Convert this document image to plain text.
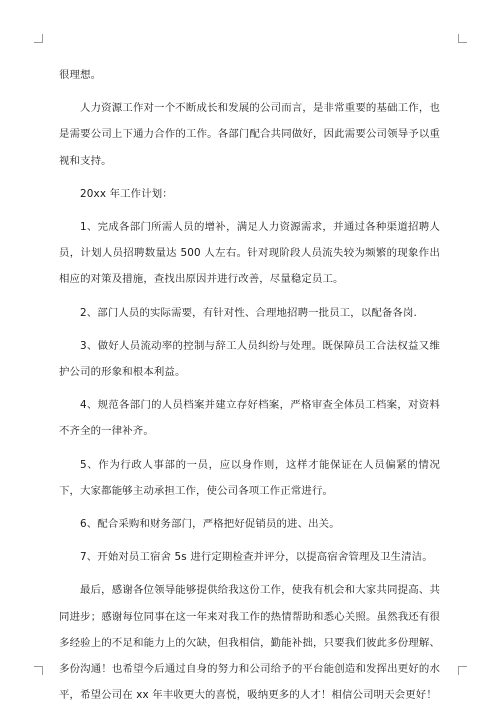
很理想。

人力资源工作对一个不断成长和发展的公司而言，是非常重要的基础工作，也是需要公司上下通力合作的工作。各部门配合共同做好，因此需要公司领导予以重视和支持。

20xx 年工作计划：

1、完成各部门所需人员的增补，满足人力资源需求，并通过各种渠道招聘人员，计划人员招聘数量达 500 人左右。针对现阶段人员流失较为频繁的现象作出相应的对策及措施，查找出原因并进行改善，尽量稳定员工。

2、部门人员的实际需要，有针对性、合理地招聘一批员工，以配备各岗.

3、做好人员流动率的控制与辞工人员纠纷与处理。既保障员工合法权益又维护公司的形象和根本利益。

4、规范各部门的人员档案并建立存好档案，严格审查全体员工档案，对资料不齐全的一律补齐。

5、作为行政人事部的一员，应以身作则，这样才能保证在人员偏紧的情况下，大家都能够主动承担工作，使公司各项工作正常进行。

6、配合采购和财务部门，严格把好促销员的进、出关。

7、开始对员工宿舍 5s 进行定期检查并评分，以提高宿舍管理及卫生清洁。

最后，感谢各位领导能够提供给我这份工作，使我有机会和大家共同提高、共同进步；感谢每位同事在这一年来对我工作的热情帮助和悉心关照。虽然我还有很多经验上的不足和能力上的欠缺，但我相信，勤能补拙，只要我们彼此多份理解、多份沟通！也希望今后通过自身的努力和公司给予的平台能创造和发挥出更好的水平，希望公司在 xx 年丰收更大的喜悦，吸纳更多的人才！相信公司明天会更好！
